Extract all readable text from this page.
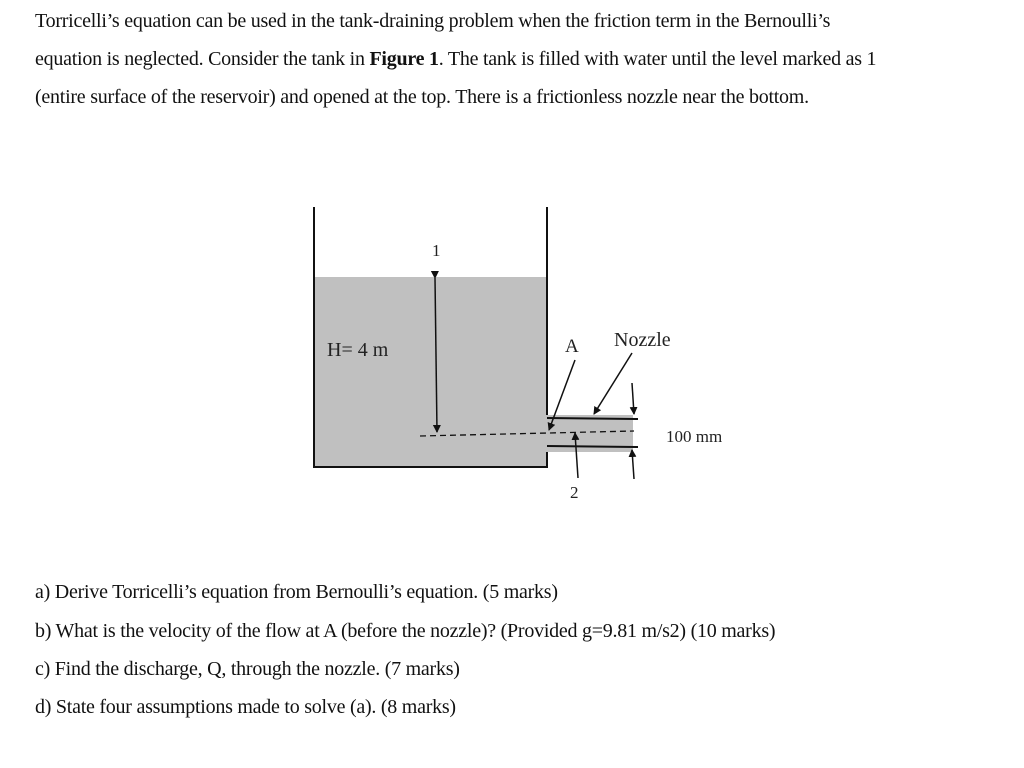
Torricelli’s equation can be used in the tank-draining problem when the friction term in the Bernoulli’s
equation is neglected. Consider the tank in Figure 1. The tank is filled with water until the level marked as 1
(entire surface of the reservoir) and opened at the top. There is a frictionless nozzle near the bottom.
1
H= 4 m	A Nozzle
100 mm
2
a) Derive Torricelli’s equation from Bernoulli’s equation. (5 marks)
b) What is the velocity of the flow at A (before the nozzle)? (Provided g=9.81 m/s2) (10 marks)
c) Find the discharge, Q, through the nozzle. (7 marks)
d) State four assumptions made to solve (a). (8 marks)
